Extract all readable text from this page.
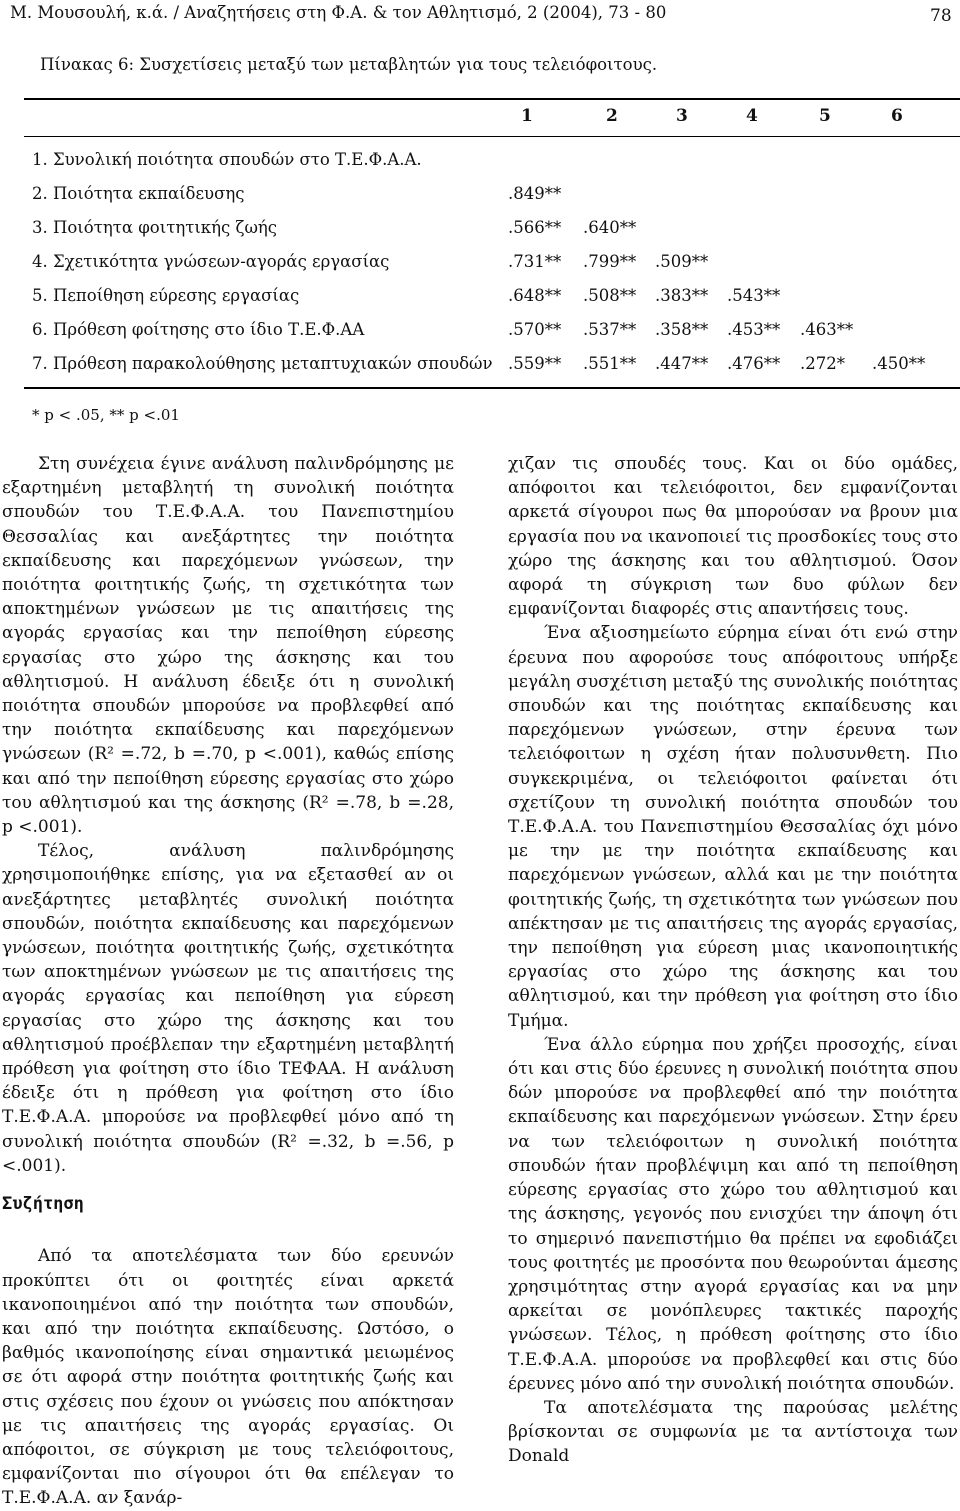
Μ. Μουσουλή, κ.ά. / Αναζητήσεις στη Φ.Α. & τον Αθλητισμό, 2 (2004), 73 - 80	78
Πίνακας 6: Συσχετίσεις μεταξύ των μεταβλητών για τους τελειόφοιτους.
1	2	3	4	5	6
1. Συνολική ποιότητα σπουδών στο Τ.Ε.Φ.Α.Α.
2. Ποιότητα εκπαίδευσης	.849**
3. Ποιότητα φοιτητικής ζωής	.566** .640**
4. Σχετικότητα γνώσεων-αγοράς εργασίας	.731** .799** .509**
5. Πεποίθηση εύρεσης εργασίας	.648** .508** .383** .543**
6. Πρόθεση φοίτησης στο ίδιο Τ.Ε.Φ.ΑΑ	.570** .537** .358** .453** .463**
7. Πρόθεση παρακολούθησης μεταπτυχιακών σπουδών .559** .551** .447** .476** .272* .450**
* p < .05, ** p <.01

Στη συνέχεια έγινε ανάλυση παλινδρόμησης με εξαρτημένη μεταβλητή τη συνολική ποιότητα σπουδών του Τ.Ε.Φ.Α.Α. του Πανεπιστημίου Θεσσαλίας και ανεξάρτητες την ποιότητα εκπαίδευσης και παρεχόμενων γνώσεων, την ποιότητα φοιτητικής ζωής, τη σχετικότητα των αποκτημένων γνώσεων με τις απαιτήσεις της αγοράς εργασίας και την πεποίθηση εύρεσης εργασίας στο χώρο της άσκησης και του αθλητισμού. Η ανάλυση έδειξε ότι η συνολική ποιότητα σπουδών μπορούσε να προβλεφθεί από την ποιότητα εκπαίδευσης και παρεχόμενων γνώσεων (R² =.72, b =.70, p <.001), καθώς επίσης και από την πεποίθηση εύρεσης εργασίας στο χώρο του αθλητισμού και της άσκησης (R² =.78, b =.28, p <.001).

Τέλος, ανάλυση παλινδρόμησης χρησιμοποιήθηκε επίσης, για να εξετασθεί αν οι ανεξάρτητες μεταβλητές συνολική ποιότητα σπουδών, ποιότητα εκπαίδευσης και παρεχόμενων γνώσεων, ποιότητα φοιτητικής ζωής, σχετικότητα των αποκτημένων γνώσεων με τις απαιτήσεις της αγοράς εργασίας και πεποίθηση για εύρεση εργασίας στο χώρο της άσκησης και του αθλητισμού προέβλεπαν την εξαρτημένη μεταβλητή πρόθεση για φοίτηση στο ίδιο ΤΕΦΑΑ. Η ανάλυση έδειξε ότι η πρόθεση για φοίτηση στο ίδιο Τ.Ε.Φ.Α.Α. μπορούσε να προβλεφθεί μόνο από τη συνολική ποιότητα σπουδών (R² =.32, b =.56, p <.001).

Συζήτηση

Από τα αποτελέσματα των δύο ερευνών προκύπτει ότι οι φοιτητές είναι αρκετά ικανοποιημένοι από την ποιότητα των σπουδών, και από την ποιότητα εκπαίδευσης. Ωστόσο, ο βαθμός ικανοποίησης είναι σημαντικά μειωμένος σε ότι αφορά στην ποιότητα φοιτητικής ζωής και στις σχέσεις που έχουν οι γνώσεις που απόκτησαν με τις απαιτήσεις της αγοράς εργασίας. Οι απόφοιτοι, σε σύγκριση με τους τελειόφοιτους, εμφανίζονται πιο σίγουροι ότι θα επέλεγαν το Τ.Ε.Φ.Α.Α. αν ξανάρ-

χιζαν τις σπουδές τους. Και οι δύο ομάδες, απόφοιτοι και τελειόφοιτοι, δεν εμφανίζονται αρκετά σίγουροι πως θα μπορούσαν να βρουν μια εργασία που να ικανοποιεί τις προσδοκίες τους στο χώρο της άσκησης και του αθλητισμού. Όσον αφορά τη σύγκριση των δυο φύλων δεν εμφανίζονται διαφορές στις απαντήσεις τους.

Ένα αξιοσημείωτο εύρημα είναι ότι ενώ στην έρευνα που αφορούσε τους απόφοιτους υπήρξε μεγάλη συσχέτιση μεταξύ της συνολικής ποιότητας σπουδών και της ποιότητας εκπαίδευσης και παρεχόμενων γνώσεων, στην έρευνα των τελειόφοιτων η σχέση ήταν πολυσυνθετη. Πιο συγκεκριμένα, οι τελειόφοιτοι φαίνεται ότι σχετίζουν τη συνολική ποιότητα σπουδών του Τ.Ε.Φ.Α.Α. του Πανεπιστημίου Θεσσαλίας όχι μόνο με την με την ποιότητα εκπαίδευσης και παρεχόμενων γνώσεων, αλλά και με την ποιότητα φοιτητικής ζωής, τη σχετικότητα των γνώσεων που απέκτησαν με τις απαιτήσεις της αγοράς εργασίας, την πεποίθηση για εύρεση μιας ικανοποιητικής εργασίας στο χώρο της άσκησης και του αθλητισμού, και την πρόθεση για φοίτηση στο ίδιο Τμήμα.

Ένα άλλο εύρημα που χρήζει προσοχής, είναι ότι και στις δύο έρευνες η συνολική ποιότητα σπου δών μπορούσε να προβλεφθεί από την ποιότητα εκπαίδευσης και παρεχόμενων γνώσεων. Στην έρευ να των τελειόφοιτων η συνολική ποιότητα σπουδών ήταν προβλέψιμη και από τη πεποίθηση εύρεσης εργασίας στο χώρο του αθλητισμού και της άσκησης, γεγονός που ενισχύει την άποψη ότι το σημερινό πανεπιστήμιο θα πρέπει να εφοδιάζει τους φοιτητές με προσόντα που θεωρούνται άμεσης χρησιμότητας στην αγορά εργασίας και να μην αρκείται σε μονόπλευρες τακτικές παροχής γνώσεων. Τέλος, η πρόθεση φοίτησης στο ίδιο Τ.Ε.Φ.Α.Α. μπορούσε να προβλεφθεί και στις δύο έρευνες μόνο από την συνολική ποιότητα σπουδών.

Τα αποτελέσματα της παρούσας μελέτης βρίσκονται σε συμφωνία με τα αντίστοιχα των Donald
